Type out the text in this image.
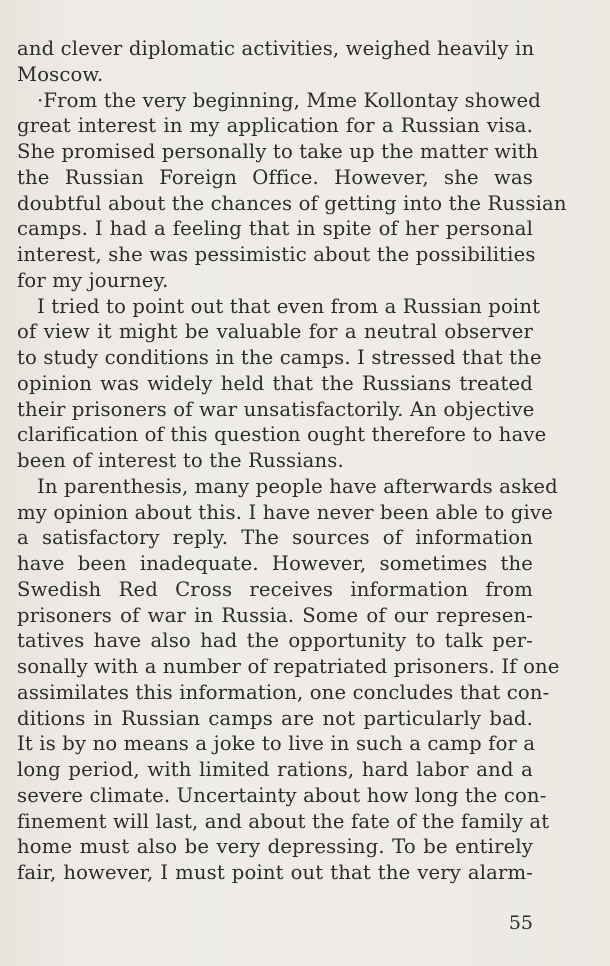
and clever diplomatic activities, weighed heavily in
Moscow.
·From the very beginning, Mme Kollontay showed
great interest in my application for a Russian visa.
She promised personally to take up the matter with
the Russian Foreign Office. However, she was
doubtful about the chances of getting into the Russian
camps. I had a feeling that in spite of her personal
interest, she was pessimistic about the possibilities
for my journey.
I tried to point out that even from a Russian point
of view it might be valuable for a neutral observer
to study conditions in the camps. I stressed that the
opinion was widely held that the Russians treated
their prisoners of war unsatisfactorily. An objective
clarification of this question ought therefore to have
been of interest to the Russians.
In parenthesis, many people have afterwards asked
my opinion about this. I have never been able to give
a satisfactory reply. The sources of information
have been inadequate. However, sometimes the
Swedish Red Cross receives information from
prisoners of war in Russia. Some of our represen-
tatives have also had the opportunity to talk per-
sonally with a number of repatriated prisoners. If one
assimilates this information, one concludes that con-
ditions in Russian camps are not particularly bad.
It is by no means a joke to live in such a camp for a
long period, with limited rations, hard labor and a
severe climate. Uncertainty about how long the con-
finement will last, and about the fate of the family at
home must also be very depressing. To be entirely
fair, however, I must point out that the very alarm-
55
